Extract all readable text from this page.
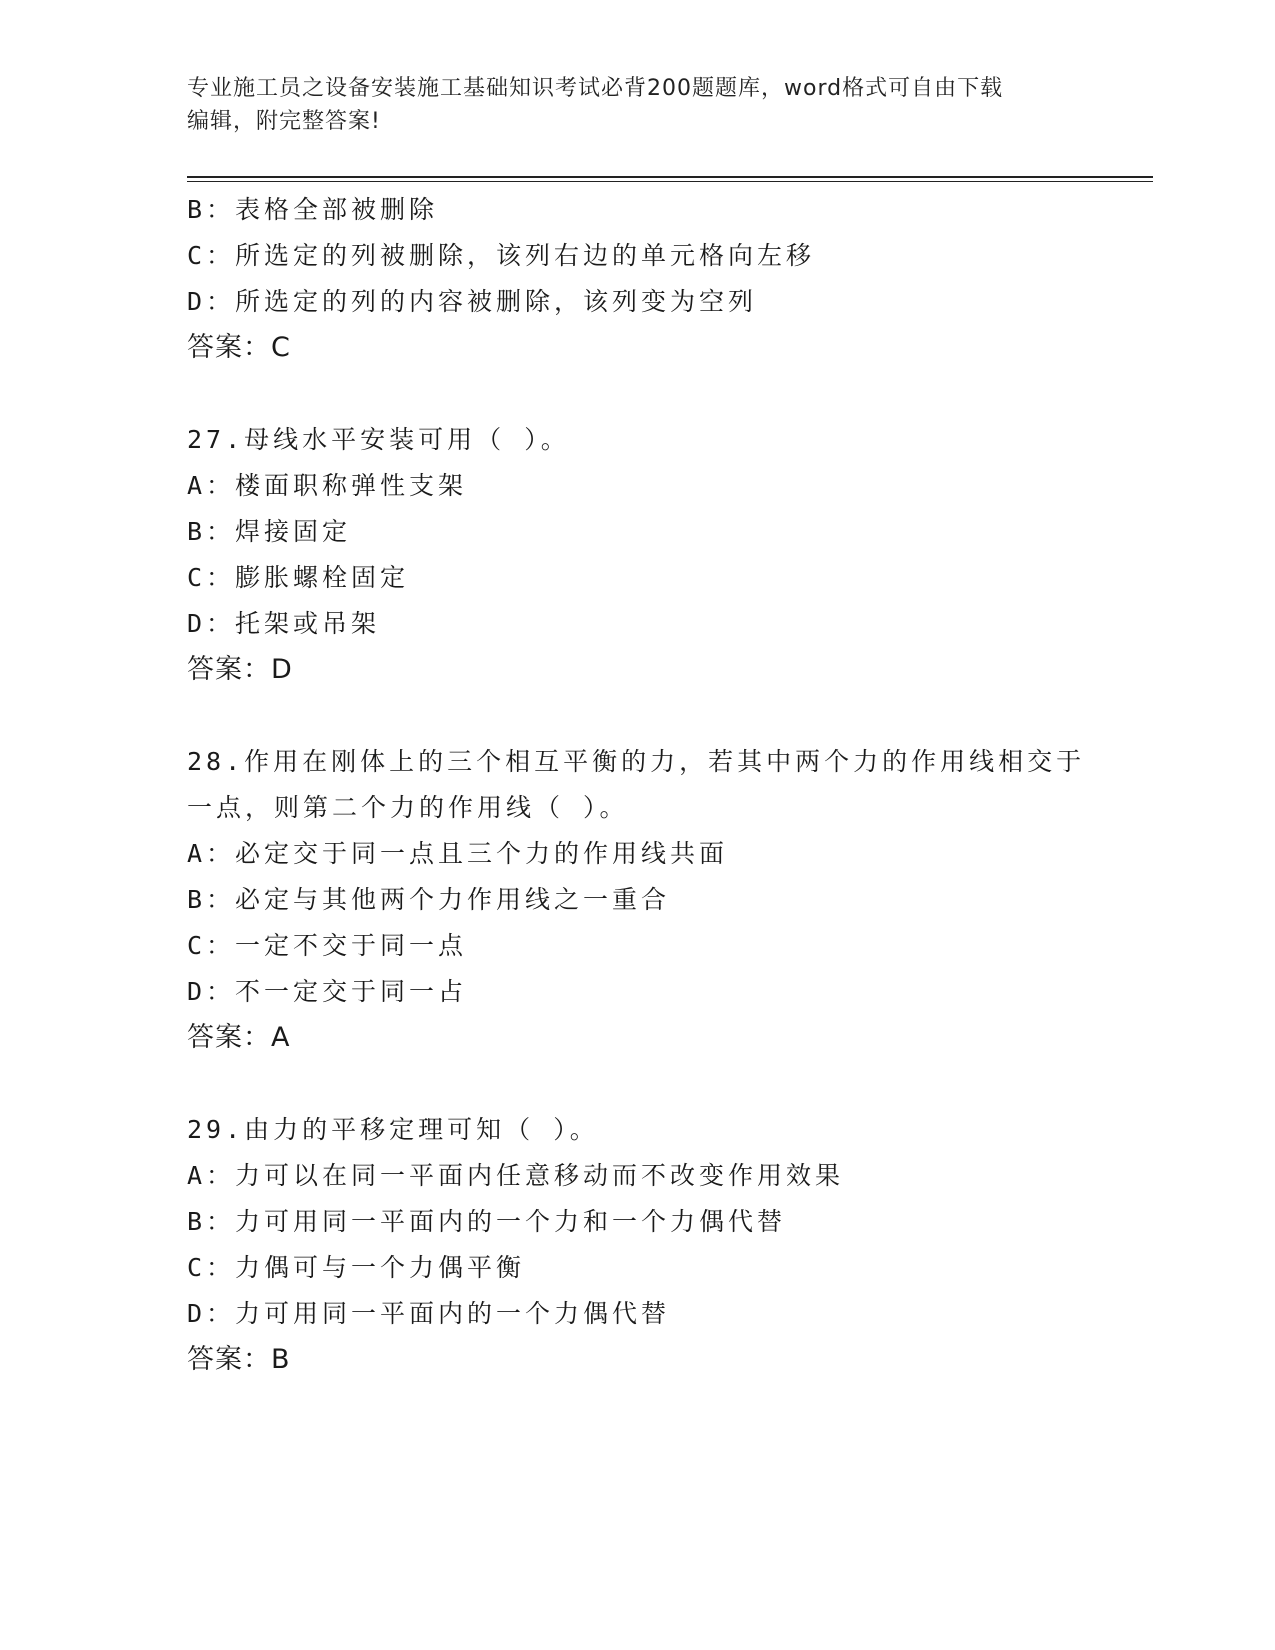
专业施工员之设备安装施工基础知识考试必背200题题库，word格式可自由下载
编辑，附完整答案!
B：表格全部被删除
C：所选定的列被删除，该列右边的单元格向左移
D：所选定的列的内容被删除，该列变为空列
答案：C
27.母线水平安装可用（ ）。
A：楼面职称弹性支架
B：焊接固定
C：膨胀螺栓固定
D：托架或吊架
答案：D
28.作用在刚体上的三个相互平衡的力，若其中两个力的作用线相交于
一点，则第二个力的作用线（ ）。
A：必定交于同一点且三个力的作用线共面
B：必定与其他两个力作用线之一重合
C：一定不交于同一点
D：不一定交于同一占
答案：A
29.由力的平移定理可知（ ）。
A：力可以在同一平面内任意移动而不改变作用效果
B：力可用同一平面内的一个力和一个力偶代替
C：力偶可与一个力偶平衡
D：力可用同一平面内的一个力偶代替
答案：B
